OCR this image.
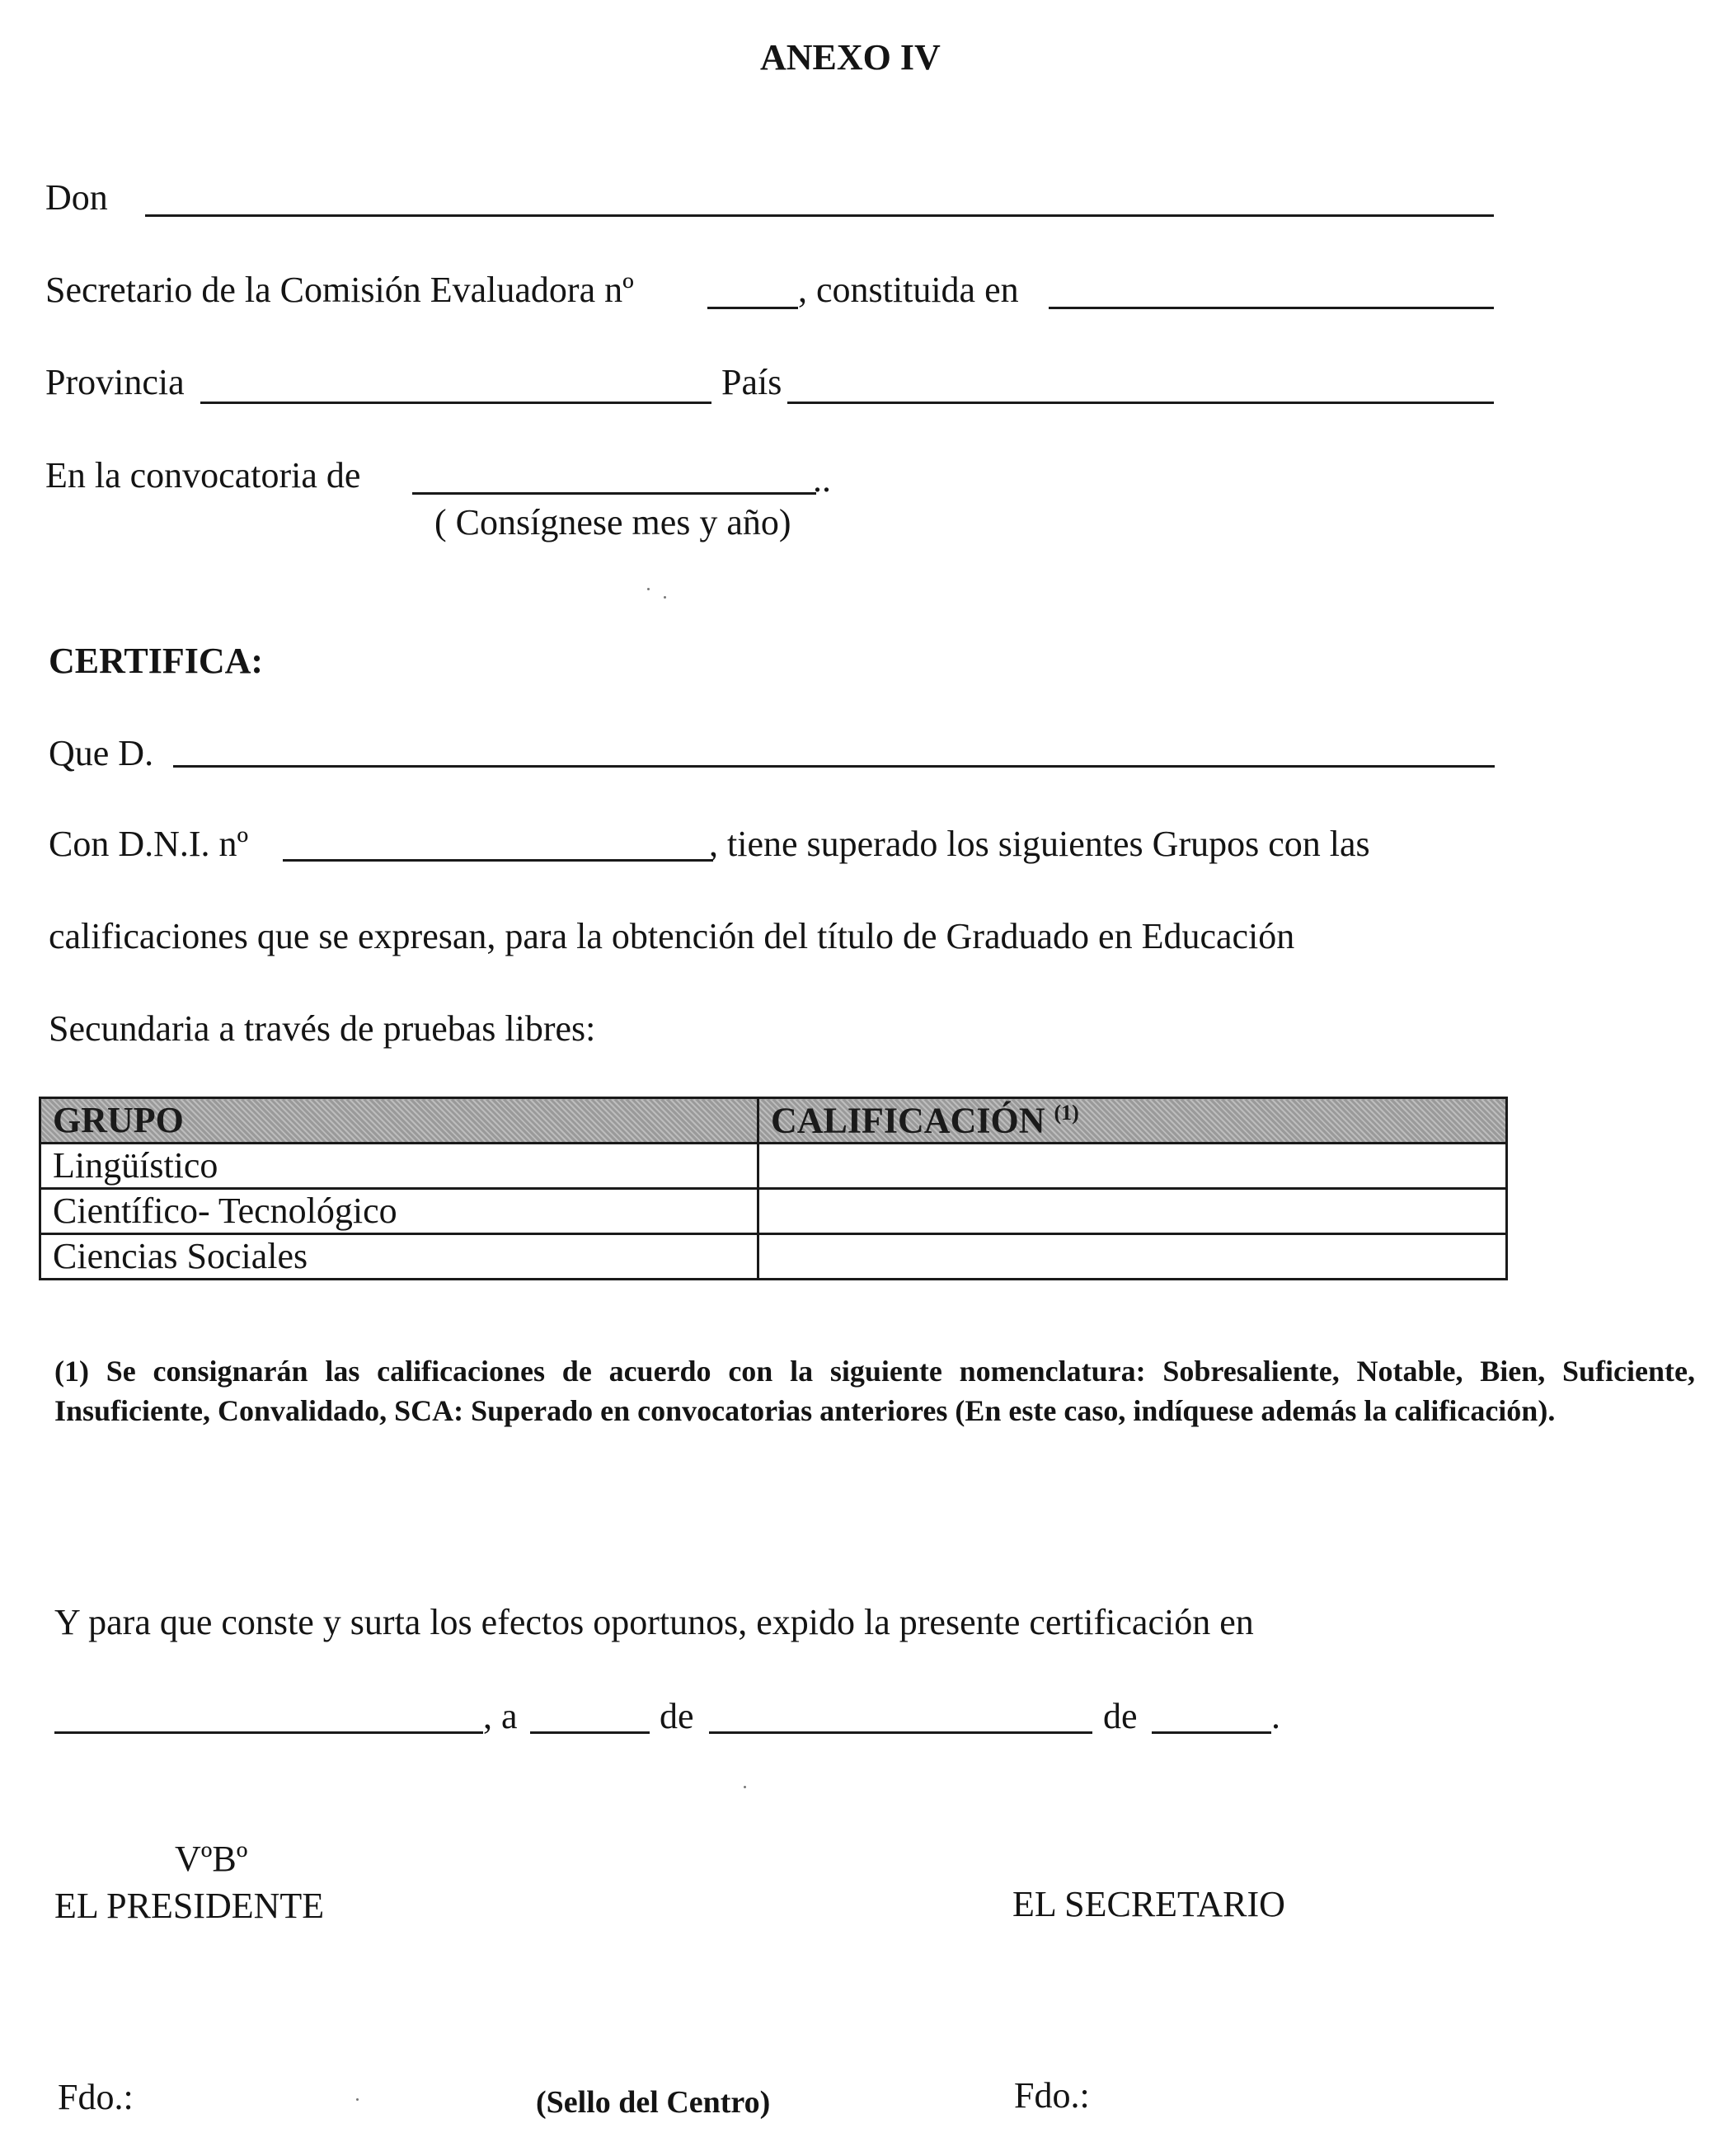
ANEXO IV
Don
Secretario de la Comisión Evaluadora nº	, constituida en
Provincia	País
En la convocatoria de	..
( Consígnese mes y año)
CERTIFICA:
Que D.
Con D.N.I. nº	, tiene superado los siguientes Grupos con las
calificaciones que se expresan, para la obtención del título de Graduado en Educación
Secundaria a través de pruebas libres:
GRUPO	CALIFICACIÓN $^{(1)}$
Lingüístico	
Científico- Tecnológico	
Ciencias Sociales	
(1) Se consignarán las calificaciones de acuerdo con la siguiente nomenclatura: Sobresaliente, Notable, Bien, Suficiente, Insuficiente, Convalidado, SCA: Superado en convocatorias anteriores (En este caso, indíquese además la calificación).
Y para que conste y surta los efectos oportunos, expido la presente certificación en
, a	de	de	.
VºBº
EL PRESIDENTE	EL SECRETARIO
Fdo.:	(Sello del Centro)	Fdo.:
